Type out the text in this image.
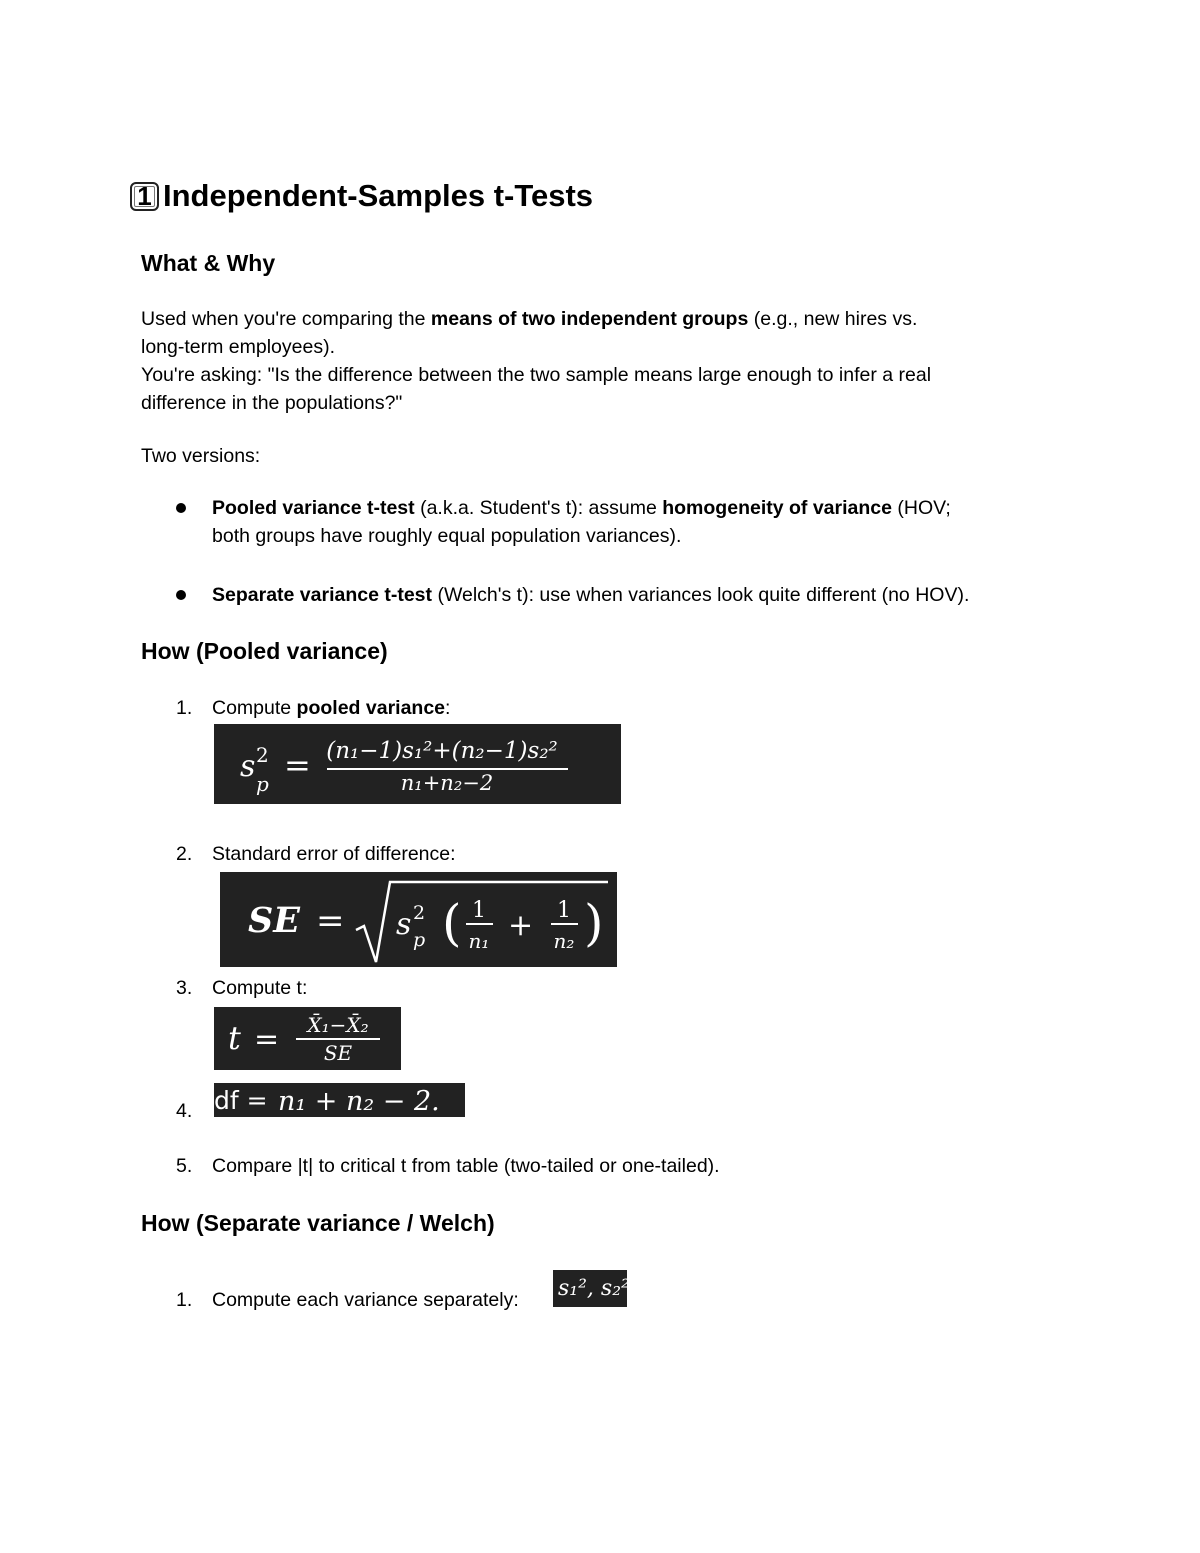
1 Independent-Samples t-Tests
What & Why
Used when you're comparing the means of two independent groups (e.g., new hires vs.
long-term employees).
You're asking: "Is the difference between the two sample means large enough to infer a real
difference in the populations?"
Two versions:
Pooled variance t-test (a.k.a. Student's t): assume homogeneity of variance (HOV;
both groups have roughly equal population variances).
Separate variance t-test (Welch's t): use when variances look quite different (no HOV).
How (Pooled variance)
1. Compute pooled variance:
s 2
p = (n₁−1)s₁²+(n₂−1)s₂²
n₁+n₂−2
2. Standard error of difference:
SE = s 2
p ( 1
n₁ + 1
n₂ )
3. Compute t:
t = X̄₁−X̄₂
SE
4. df = n₁ + n₂ − 2.
5. Compare |t| to critical t from table (two-tailed or one-tailed).
How (Separate variance / Welch)
1. Compute each variance separately: s₁², s₂².
